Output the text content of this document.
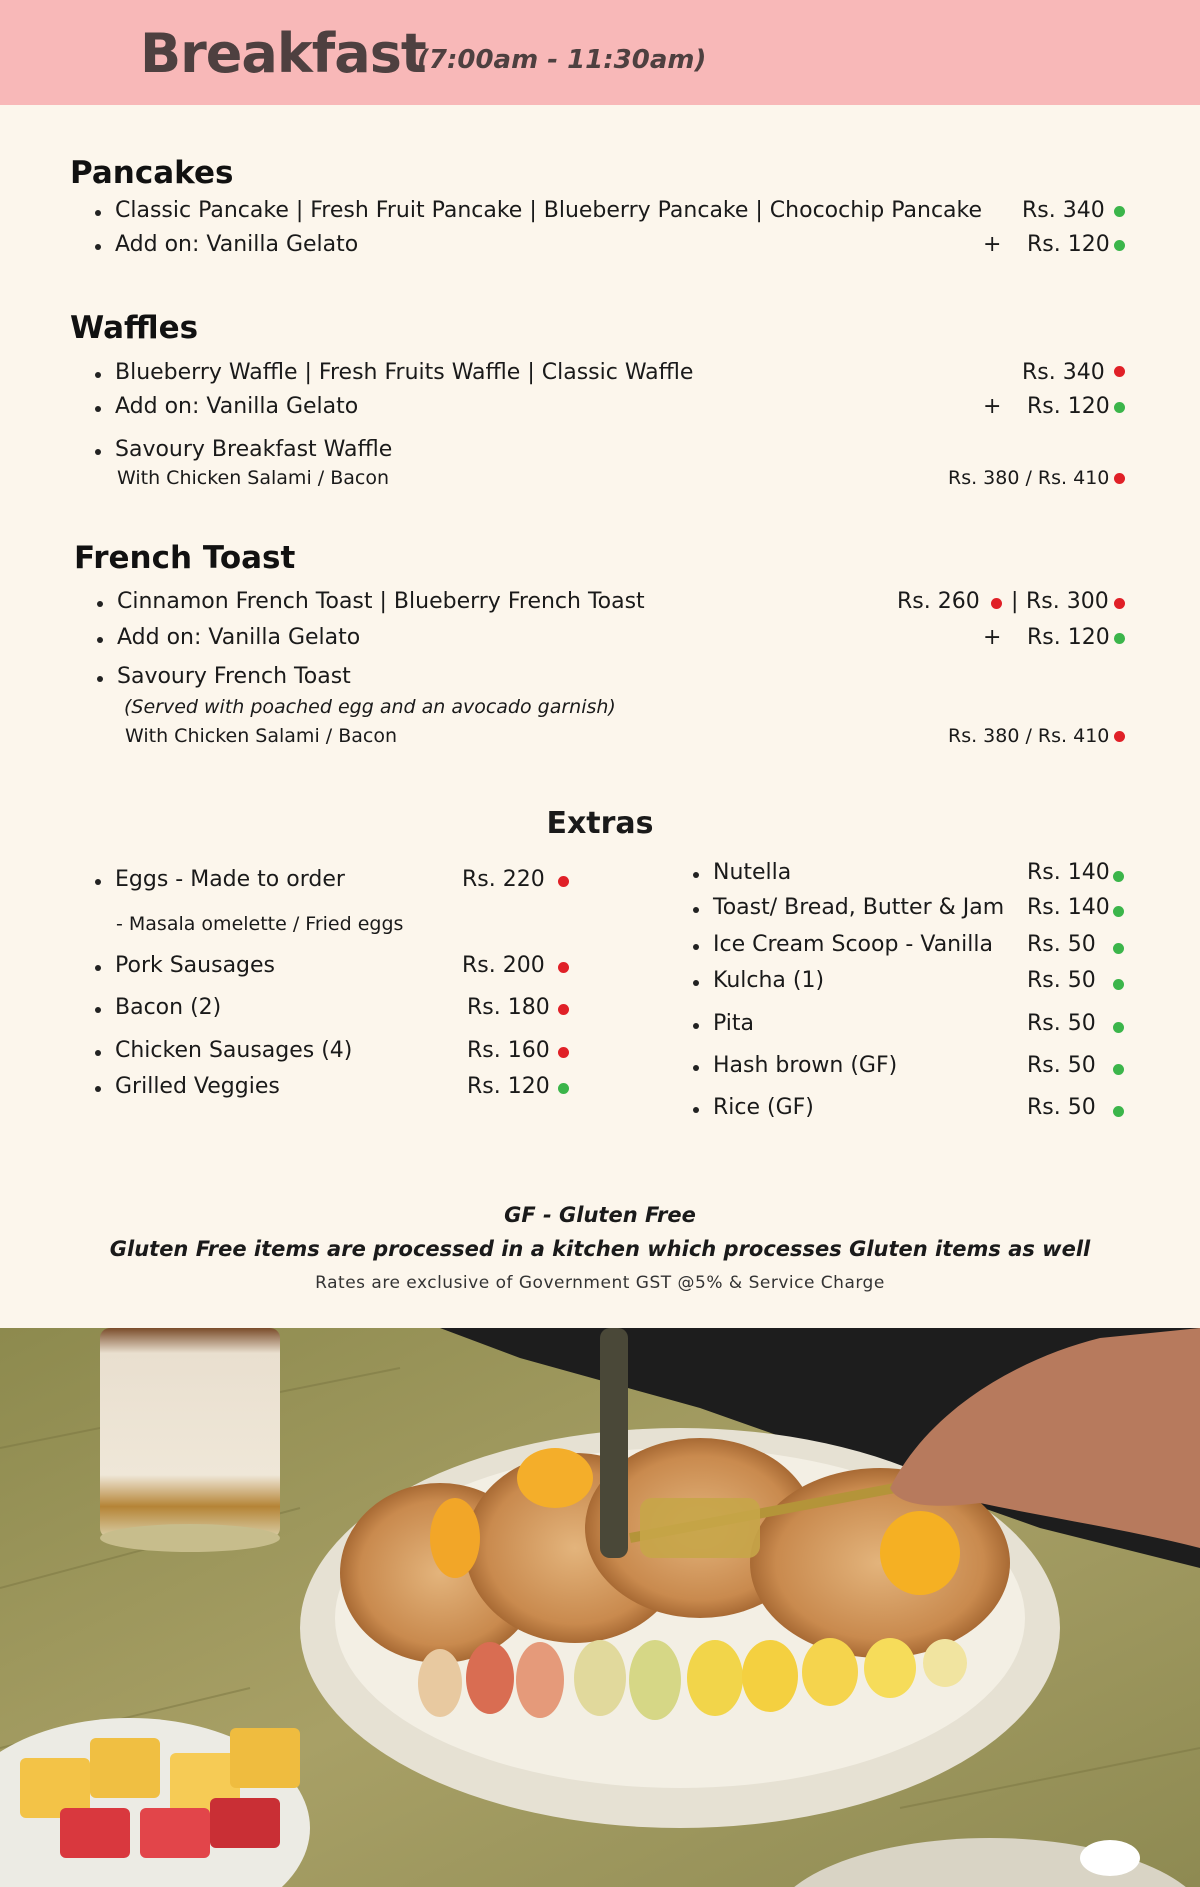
Breakfast
(7:00am - 11:30am)
Pancakes
Classic Pancake | Fresh Fruit Pancake | Blueberry Pancake | Chocochip Pancake Rs. 340
Add on: Vanilla Gelato	+ Rs. 120
Waffles
Blueberry Waffle | Fresh Fruits Waffle | Classic Waffle	Rs. 340
Add on: Vanilla Gelato	+ Rs. 120
Savoury Breakfast Waffle
With Chicken Salami / Bacon	Rs. 380 / Rs. 410
French Toast
Cinnamon French Toast | Blueberry French Toast	Rs. 260 | Rs. 300
Add on: Vanilla Gelato	+ Rs. 120
Savoury French Toast
(Served with poached egg and an avocado garnish)
With Chicken Salami / Bacon	Rs. 380 / Rs. 410
Extras
Eggs - Made to order	Rs. 220
- Masala omelette / Fried eggs
Pork Sausages	Rs. 200
Bacon (2)	Rs. 180
Chicken Sausages (4)	Rs. 160
Grilled Veggies	Rs. 120
Nutella	Rs. 140
Toast/ Bread, Butter & Jam Rs. 140
Ice Cream Scoop - Vanilla Rs. 50
Kulcha (1)	Rs. 50
Pita	Rs. 50
Hash brown (GF)	Rs. 50
Rice (GF)	Rs. 50
GF - Gluten Free
Gluten Free items are processed in a kitchen which processes Gluten items as well
Rates are exclusive of Government GST @5% & Service Charge
